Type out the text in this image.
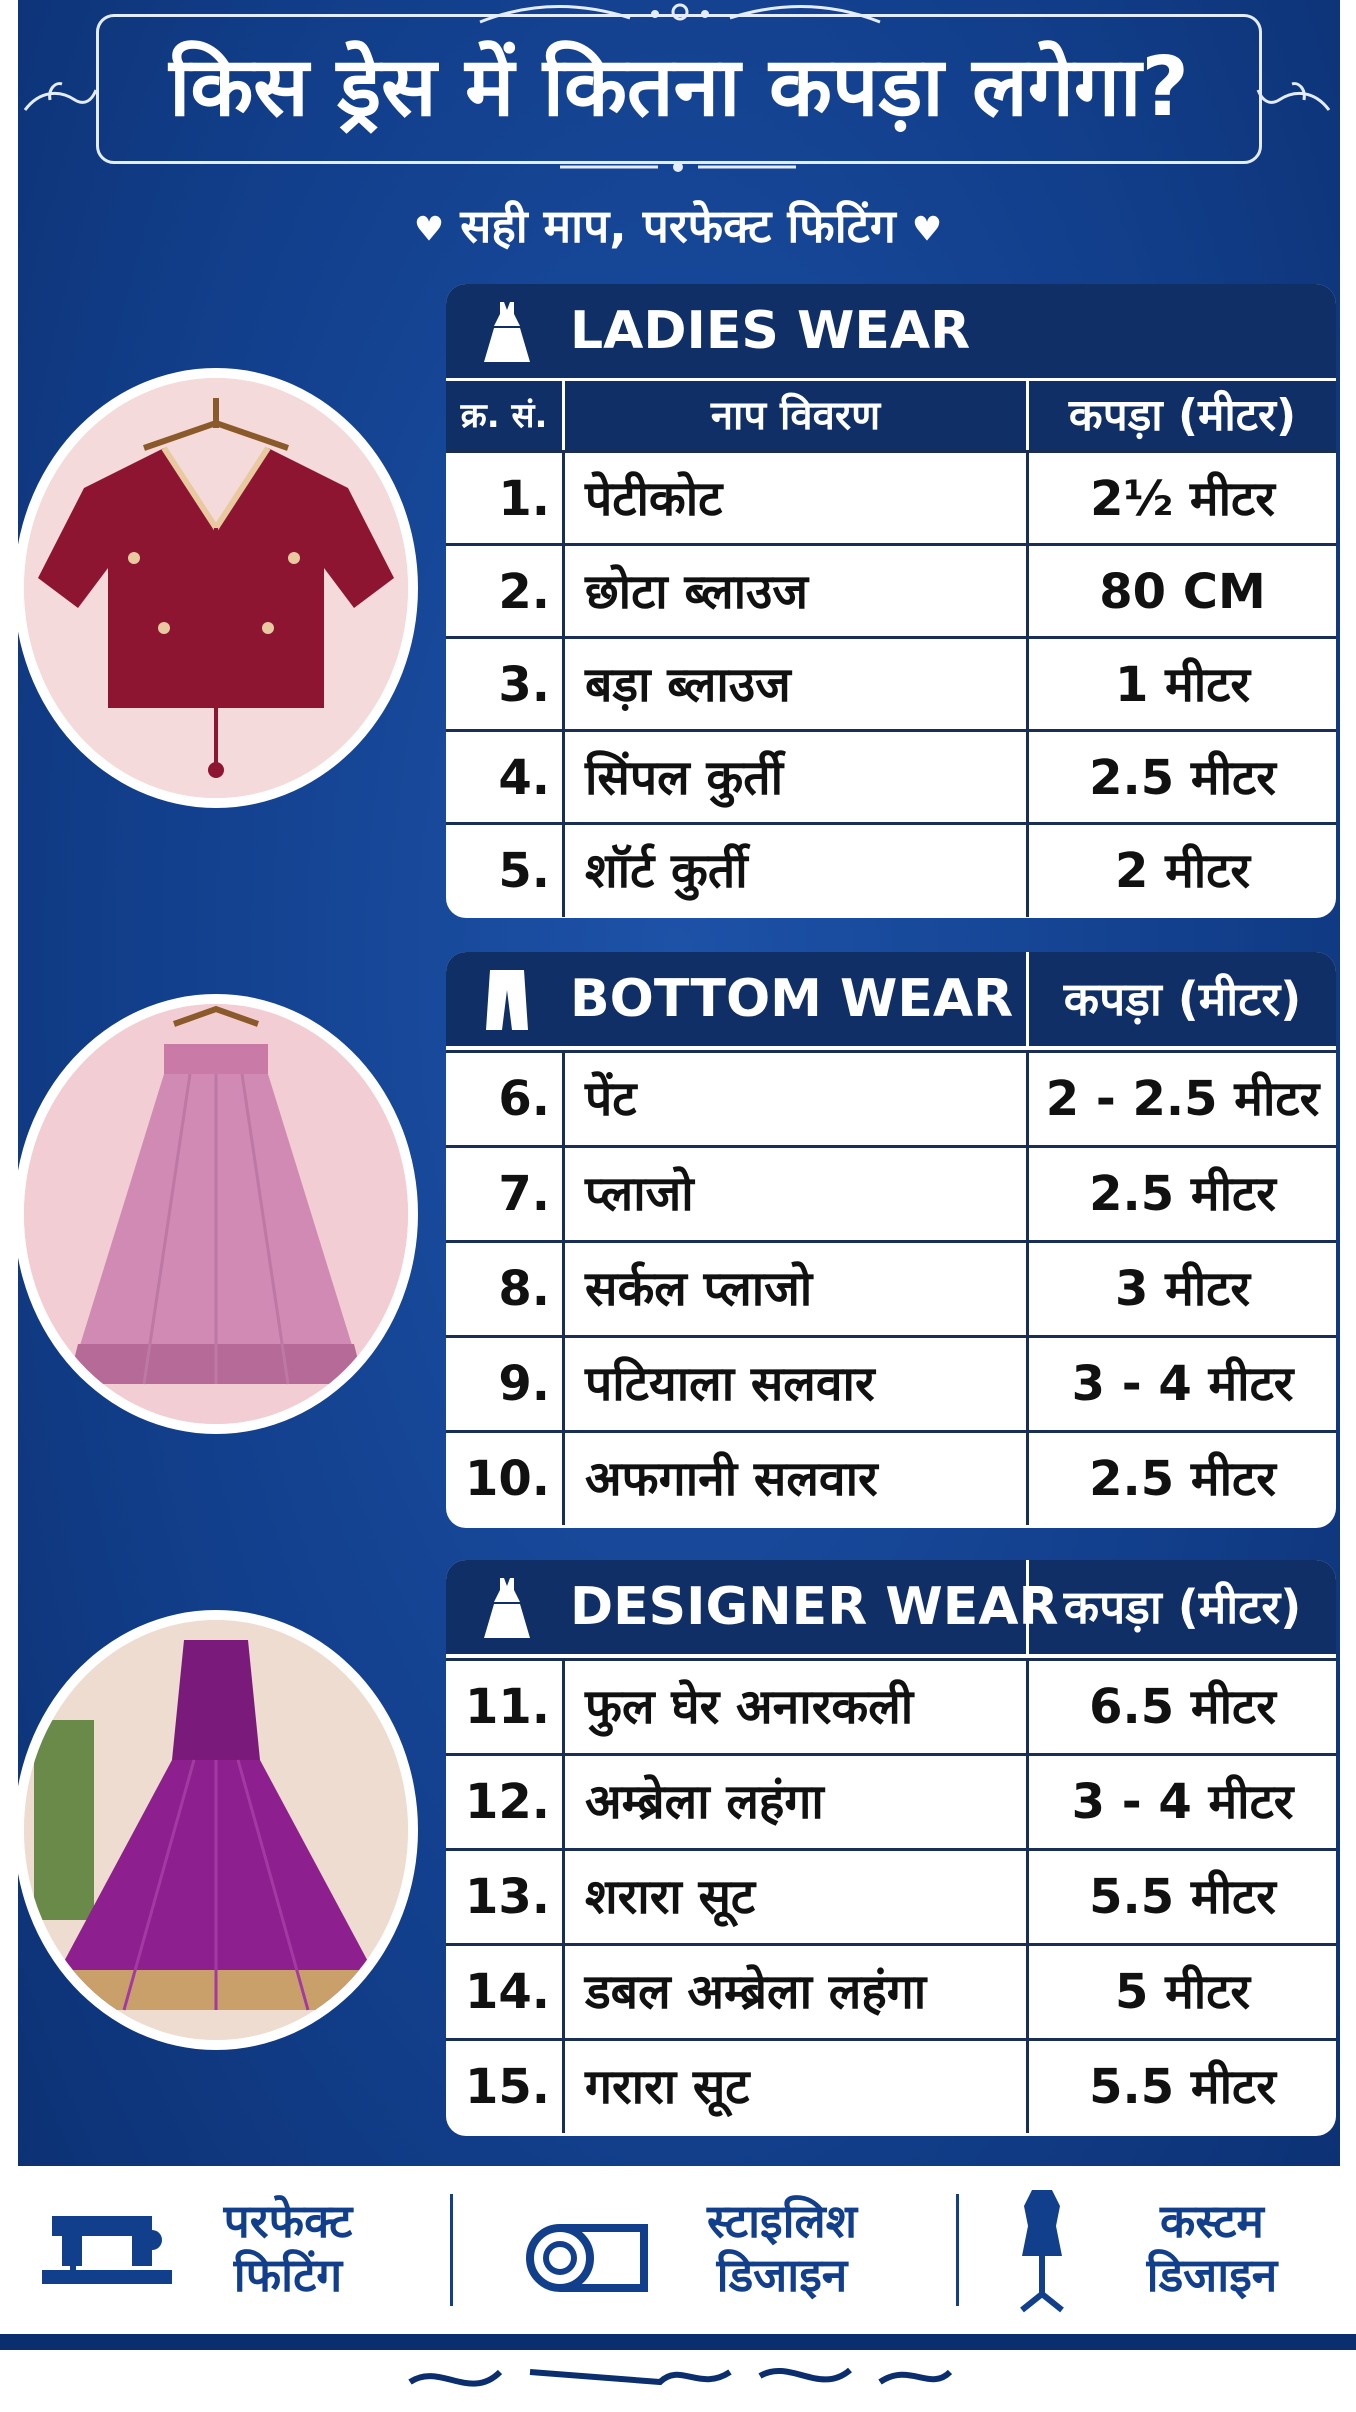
किस ड्रेस में कितना कपड़ा लगेगा?
♥ सही माप, परफेक्ट फिटिंग ♥
LADIES WEAR
क्र. सं.	नाप विवरण	कपड़ा (मीटर)
1. पेटीकोट	2½ मीटर
2. छोटा ब्लाउज	80 CM
3. बड़ा ब्लाउज	1 मीटर
4. सिंपल कुर्ती	2.5 मीटर
5. शॉर्ट कुर्ती	2 मीटर
BOTTOM WEAR	कपड़ा (मीटर)
6. पेंट	2 - 2.5 मीटर
7. प्लाजो	2.5 मीटर
8. सर्कल प्लाजो	3 मीटर
9. पटियाला सलवार	3 - 4 मीटर
10. अफगानी सलवार	2.5 मीटर
DESIGNER WEAR कपड़ा (मीटर)
11. फुल घेर अनारकली	6.5 मीटर
12. अम्ब्रेला लहंगा	3 - 4 मीटर
13. शरारा सूट	5.5 मीटर
14. डबल अम्ब्रेला लहंगा	5 मीटर
15. गरारा सूट	5.5 मीटर
परफेक्ट
फिटिंग
स्टाइलिश
डिजाइन
कस्टम
डिजाइन
